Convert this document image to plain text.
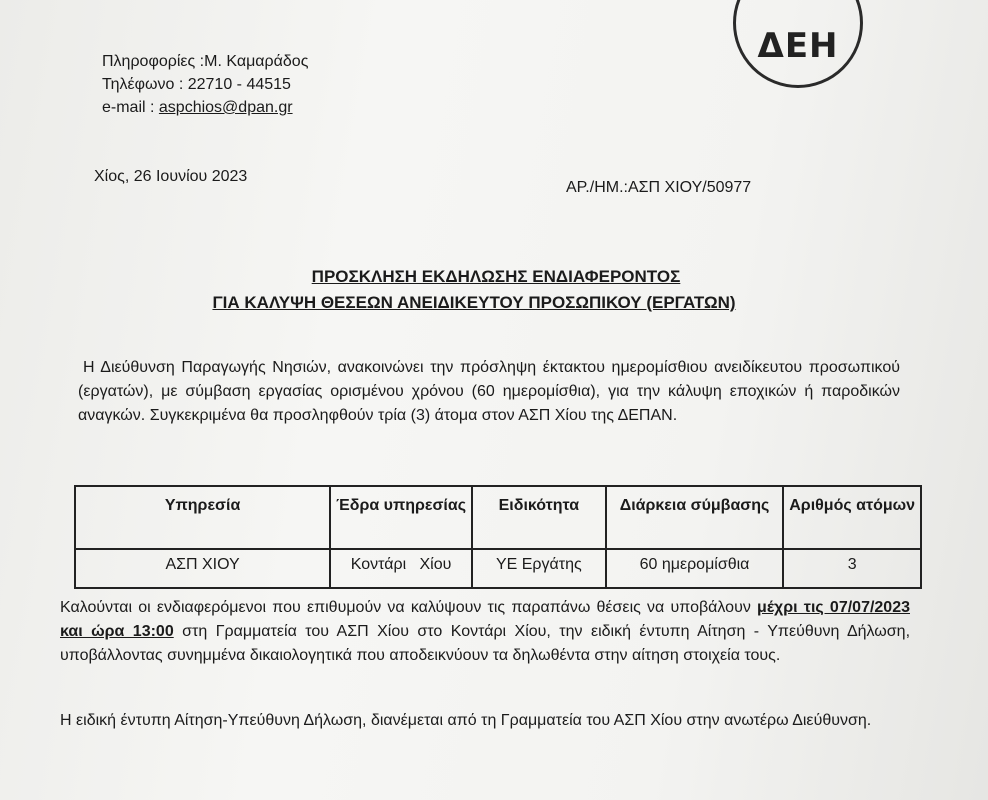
ΔΕΗ
Πληροφορίες :Μ. Καμαράδος
Τηλέφωνο : 22710 - 44515
e-mail : aspchios@dpan.gr
Χίος, 26 Ιουνίου 2023
ΑΡ./ΗΜ.:ΑΣΠ ΧΙΟΥ/50977
ΠΡΟΣΚΛΗΣΗ ΕΚΔΗΛΩΣΗΣ ΕΝΔΙΑΦΕΡΟΝΤΟΣ
ΓΙΑ ΚΑΛΥΨΗ ΘΕΣΕΩΝ ΑΝΕΙΔΙΚΕΥΤΟΥ ΠΡΟΣΩΠΙΚΟΥ (ΕΡΓΑΤΩΝ)
Η Διεύθυνση Παραγωγής Νησιών, ανακοινώνει την πρόσληψη έκτακτου ημερομίσθιου ανειδίκευτου προσωπικού (εργατών), με σύμβαση εργασίας ορισμένου χρόνου (60 ημερομίσθια), για την κάλυψη εποχικών ή παροδικών αναγκών. Συγκεκριμένα θα προσληφθούν τρία (3) άτομα στον ΑΣΠ Χίου της ΔΕΠΑΝ.
Υπηρεσία	Έδρα υπηρεσίας	Ειδικότητα	Διάρκεια σύμβασης	Αριθμός ατόμων
ΑΣΠ ΧΙΟΥ	Κοντάρι   Χίου	ΥΕ Εργάτης	60 ημερομίσθια	3
Καλούνται οι ενδιαφερόμενοι που επιθυμούν να καλύψουν τις παραπάνω θέσεις να υποβάλουν μέχρι τις 07/07/2023 και ώρα 13:00 στη Γραμματεία του ΑΣΠ Χίου στο Κοντάρι Χίου, την ειδική έντυπη Αίτηση - Υπεύθυνη Δήλωση, υποβάλλοντας συνημμένα δικαιολογητικά που αποδεικνύουν τα δηλωθέντα στην αίτηση στοιχεία τους.
Η ειδική έντυπη Αίτηση-Υπεύθυνη Δήλωση, διανέμεται από τη Γραμματεία του ΑΣΠ Χίου στην ανωτέρω Διεύθυνση.
